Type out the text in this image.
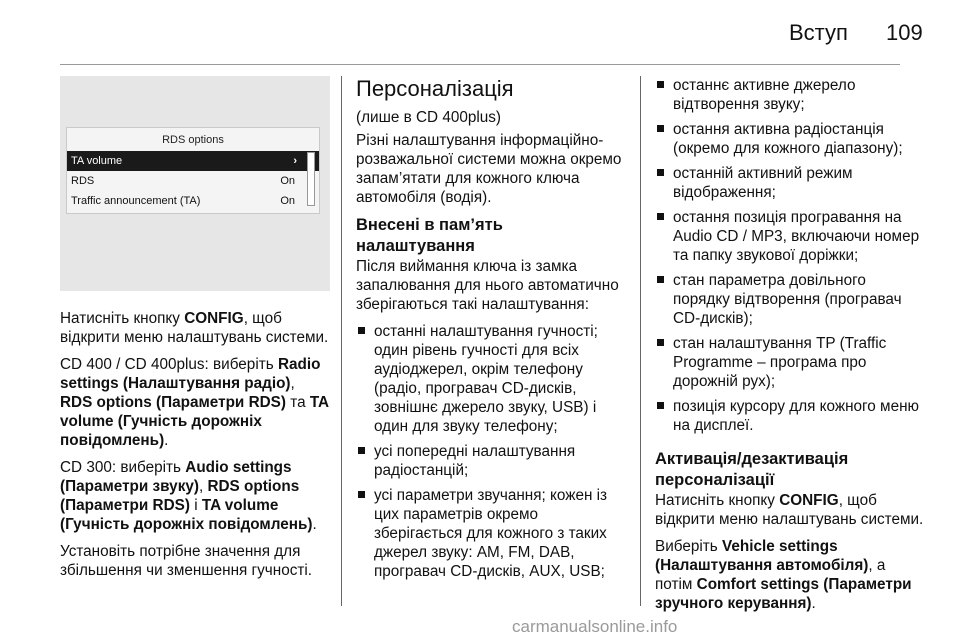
Вступ 109
RDS options
TA volume	›
RDS	On
Traffic announcement (TA)	On

Натисніть кнопку CONFIG, щоб відкрити меню налаштувань системи.

CD 400 / CD 400plus: виберіть Radio settings (Налаштування радіо), RDS options (Параметри RDS) та TA volume (Гучність дорожніх повідомлень).

CD 300: виберіть Audio settings (Параметри звуку), RDS options (Параметри RDS) і TA volume (Гучність дорожніх повідомлень).

Установіть потрібне значення для збільшення чи зменшення гучності.

Персоналізація

(лише в CD 400plus)

Різні налаштування інформаційно-розважальної системи можна окремо запам’ятати для кожного ключа автомобіля (водія).

Внесені в пам’ять налаштування

Після виймання ключа із замка запалювання для нього автоматично зберігаються такі налаштування:

останні налаштування гучності; один рівень гучності для всіх аудіоджерел, окрім телефону (радіо, програвач CD-дисків, зовнішнє джерело звуку, USB) і один для звуку телефону;
усі попередні налаштування радіостанцій;
усі параметри звучання; кожен із цих параметрів окремо зберігається для кожного з таких джерел звуку: AM, FM, DAB, програвач CD-дисків, AUX, USB;
останнє активне джерело відтворення звуку;
остання активна радіостанція (окремо для кожного діапазону);
останній активний режим відображення;
остання позиція програвання на Audio CD / MP3, включаючи номер та папку звукової доріжки;
стан параметра довільного порядку відтворення (програвач CD-дисків);
стан налаштування TP (Traffic Programme – програма про дорожній рух);
позиція курсору для кожного меню на дисплеї.
Активація/дезактивація персоналізації

Натисніть кнопку CONFIG, щоб відкрити меню налаштувань системи.

Виберіть Vehicle settings (Налаштування автомобіля), а потім Comfort settings (Параметри зручного керування).

carmanualsonline.info
